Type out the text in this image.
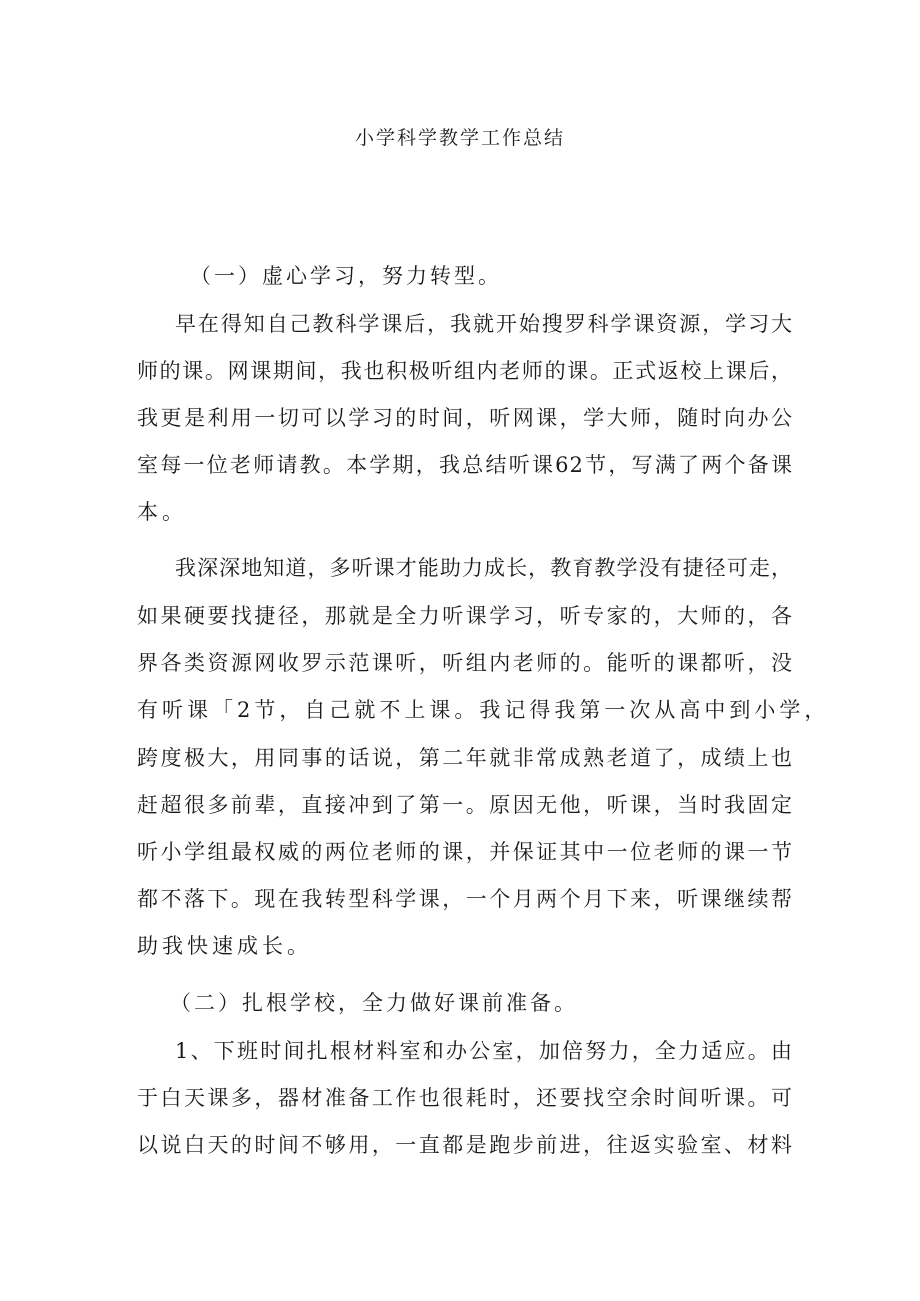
小学科学教学工作总结
（一）虚心学习，努力转型。
早在得知自己教科学课后，我就开始搜罗科学课资源，学习大
师的课。网课期间，我也积极听组内老师的课。正式返校上课后，
我更是利用一切可以学习的时间，听网课，学大师，随时向办公
室每一位老师请教。本学期，我总结听课62节，写满了两个备课
本。
我深深地知道，多听课才能助力成长，教育教学没有捷径可走，
如果硬要找捷径，那就是全力听课学习，听专家的，大师的，各
界各类资源网收罗示范课听，听组内老师的。能听的课都听，没
有听课「2节，自己就不上课。我记得我第一次从高中到小学，
跨度极大，用同事的话说，第二年就非常成熟老道了，成绩上也
赶超很多前辈，直接冲到了第一。原因无他，听课，当时我固定
听小学组最权威的两位老师的课，并保证其中一位老师的课一节
都不落下。现在我转型科学课，一个月两个月下来，听课继续帮
助我快速成长。
（二）扎根学校，全力做好课前准备。
1、下班时间扎根材料室和办公室，加倍努力，全力适应。由
于白天课多，器材准备工作也很耗时，还要找空余时间听课。可
以说白天的时间不够用，一直都是跑步前进，往返实验室、材料
